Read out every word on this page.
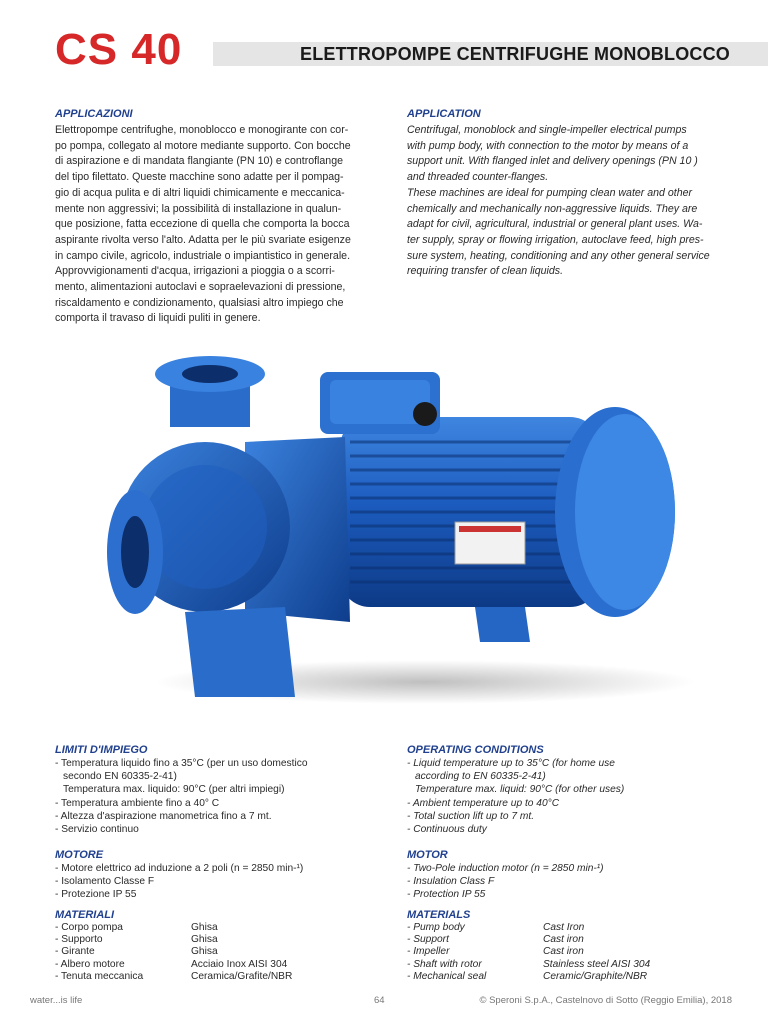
CS 40	ELETTROPOMPE CENTRIFUGHE MONOBLOCCO
APPLICAZIONI

Elettropompe centrifughe, monoblocco e monogirante con cor-

po pompa, collegato al motore mediante supporto. Con bocche

di aspirazione e di mandata flangiante (PN 10) e controflange

del tipo filettato. Queste macchine sono adatte per il pompag-

gio di acqua pulita e di altri liquidi chimicamente e meccanica-

mente non aggressivi; la possibilità di installazione in qualun-

que posizione, fatta eccezione di quella che comporta la bocca

aspirante rivolta verso l'alto. Adatta per le più svariate esigenze

in campo civile, agricolo, industriale o impiantistico in generale.

Approvvigionamenti d'acqua, irrigazioni a pioggia o a scorri-

mento, alimentazioni autoclavi e sopraelevazioni di pressione,

riscaldamento e condizionamento, qualsiasi altro impiego che

comporta il travaso di liquidi puliti in genere.

APPLICATION

Centrifugal, monoblock and single-impeller electrical pumps

with pump body, with connection to the motor by means of a

support unit. With flanged inlet and delivery openings (PN 10 )

and threaded counter-flanges.

These machines are ideal for pumping clean water and other

chemically and mechanically non-aggressive liquids. They are

adapt for civil, agricultural, industrial or general plant uses. Wa-

ter supply, spray or flowing irrigation, autoclave feed, high pres-

sure system, heating, conditioning and any other general service

requiring transfer of clean liquids.

LIMITI D'IMPIEGO
- Temperatura liquido fino a 35°C (per un uso domestico
secondo EN 60335-2-41)
Temperatura max. liquido: 90°C (per altri impiegi)
- Temperatura ambiente fino a 40° C
- Altezza d'aspirazione manometrica fino a 7 mt.
- Servizio continuo
OPERATING CONDITIONS
- Liquid temperature up to 35°C (for home use
according to EN 60335-2-41)
Temperature max. liquid: 90°C (for other uses)
- Ambient temperature up to 40°C
- Total suction lift up to 7 mt.
- Continuous duty
MOTORE
- Motore elettrico ad induzione a 2 poli (n = 2850 min-¹)
- Isolamento Classe F
- Protezione IP 55
MOTOR
- Two-Pole induction motor (n = 2850 min-¹)
- Insulation Class F
- Protection IP 55
MATERIALI
- Corpo pompa	Ghisa
- Supporto	Ghisa
- Girante	Ghisa
- Albero motore	Acciaio Inox AISI 304
- Tenuta meccanica	Ceramica/Grafite/NBR
MATERIALS
- Pump body	Cast Iron
- Support	Cast iron
- Impeller	Cast iron
- Shaft with rotor	Stainless steel AISI 304
- Mechanical seal	Ceramic/Graphite/NBR
water...is life	64	© Speroni S.p.A., Castelnovo di Sotto (Reggio Emilia), 2018
